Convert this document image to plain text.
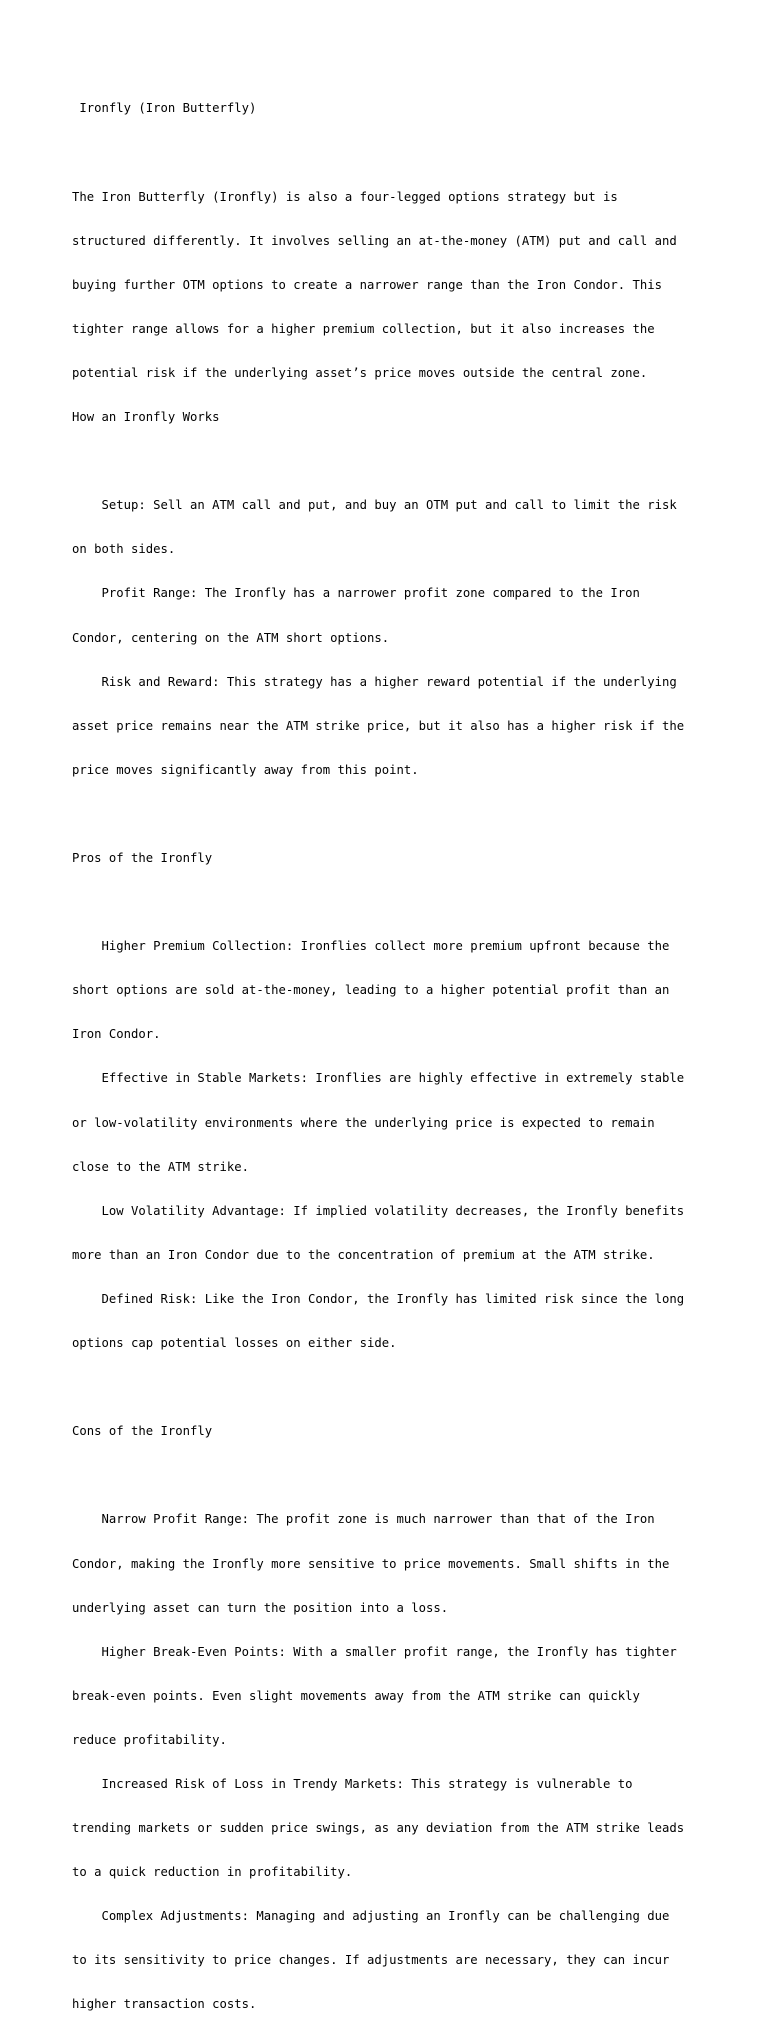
Ironfly (Iron Butterfly)

The Iron Butterfly (Ironfly) is also a four-legged options strategy but is

structured differently. It involves selling an at-the-money (ATM) put and call and

buying further OTM options to create a narrower range than the Iron Condor. This

tighter range allows for a higher premium collection, but it also increases the

potential risk if the underlying asset’s price moves outside the central zone.

How an Ironfly Works

Setup: Sell an ATM call and put, and buy an OTM put and call to limit the risk

on both sides.

Profit Range: The Ironfly has a narrower profit zone compared to the Iron

Condor, centering on the ATM short options.

Risk and Reward: This strategy has a higher reward potential if the underlying

asset price remains near the ATM strike price, but it also has a higher risk if the

price moves significantly away from this point.

Pros of the Ironfly

Higher Premium Collection: Ironflies collect more premium upfront because the

short options are sold at-the-money, leading to a higher potential profit than an

Iron Condor.

Effective in Stable Markets: Ironflies are highly effective in extremely stable

or low-volatility environments where the underlying price is expected to remain

close to the ATM strike.

Low Volatility Advantage: If implied volatility decreases, the Ironfly benefits

more than an Iron Condor due to the concentration of premium at the ATM strike.

Defined Risk: Like the Iron Condor, the Ironfly has limited risk since the long

options cap potential losses on either side.

Cons of the Ironfly

Narrow Profit Range: The profit zone is much narrower than that of the Iron

Condor, making the Ironfly more sensitive to price movements. Small shifts in the

underlying asset can turn the position into a loss.

Higher Break-Even Points: With a smaller profit range, the Ironfly has tighter

break-even points. Even slight movements away from the ATM strike can quickly

reduce profitability.

Increased Risk of Loss in Trendy Markets: This strategy is vulnerable to

trending markets or sudden price swings, as any deviation from the ATM strike leads

to a quick reduction in profitability.

Complex Adjustments: Managing and adjusting an Ironfly can be challenging due

to its sensitivity to price changes. If adjustments are necessary, they can incur

higher transaction costs.
